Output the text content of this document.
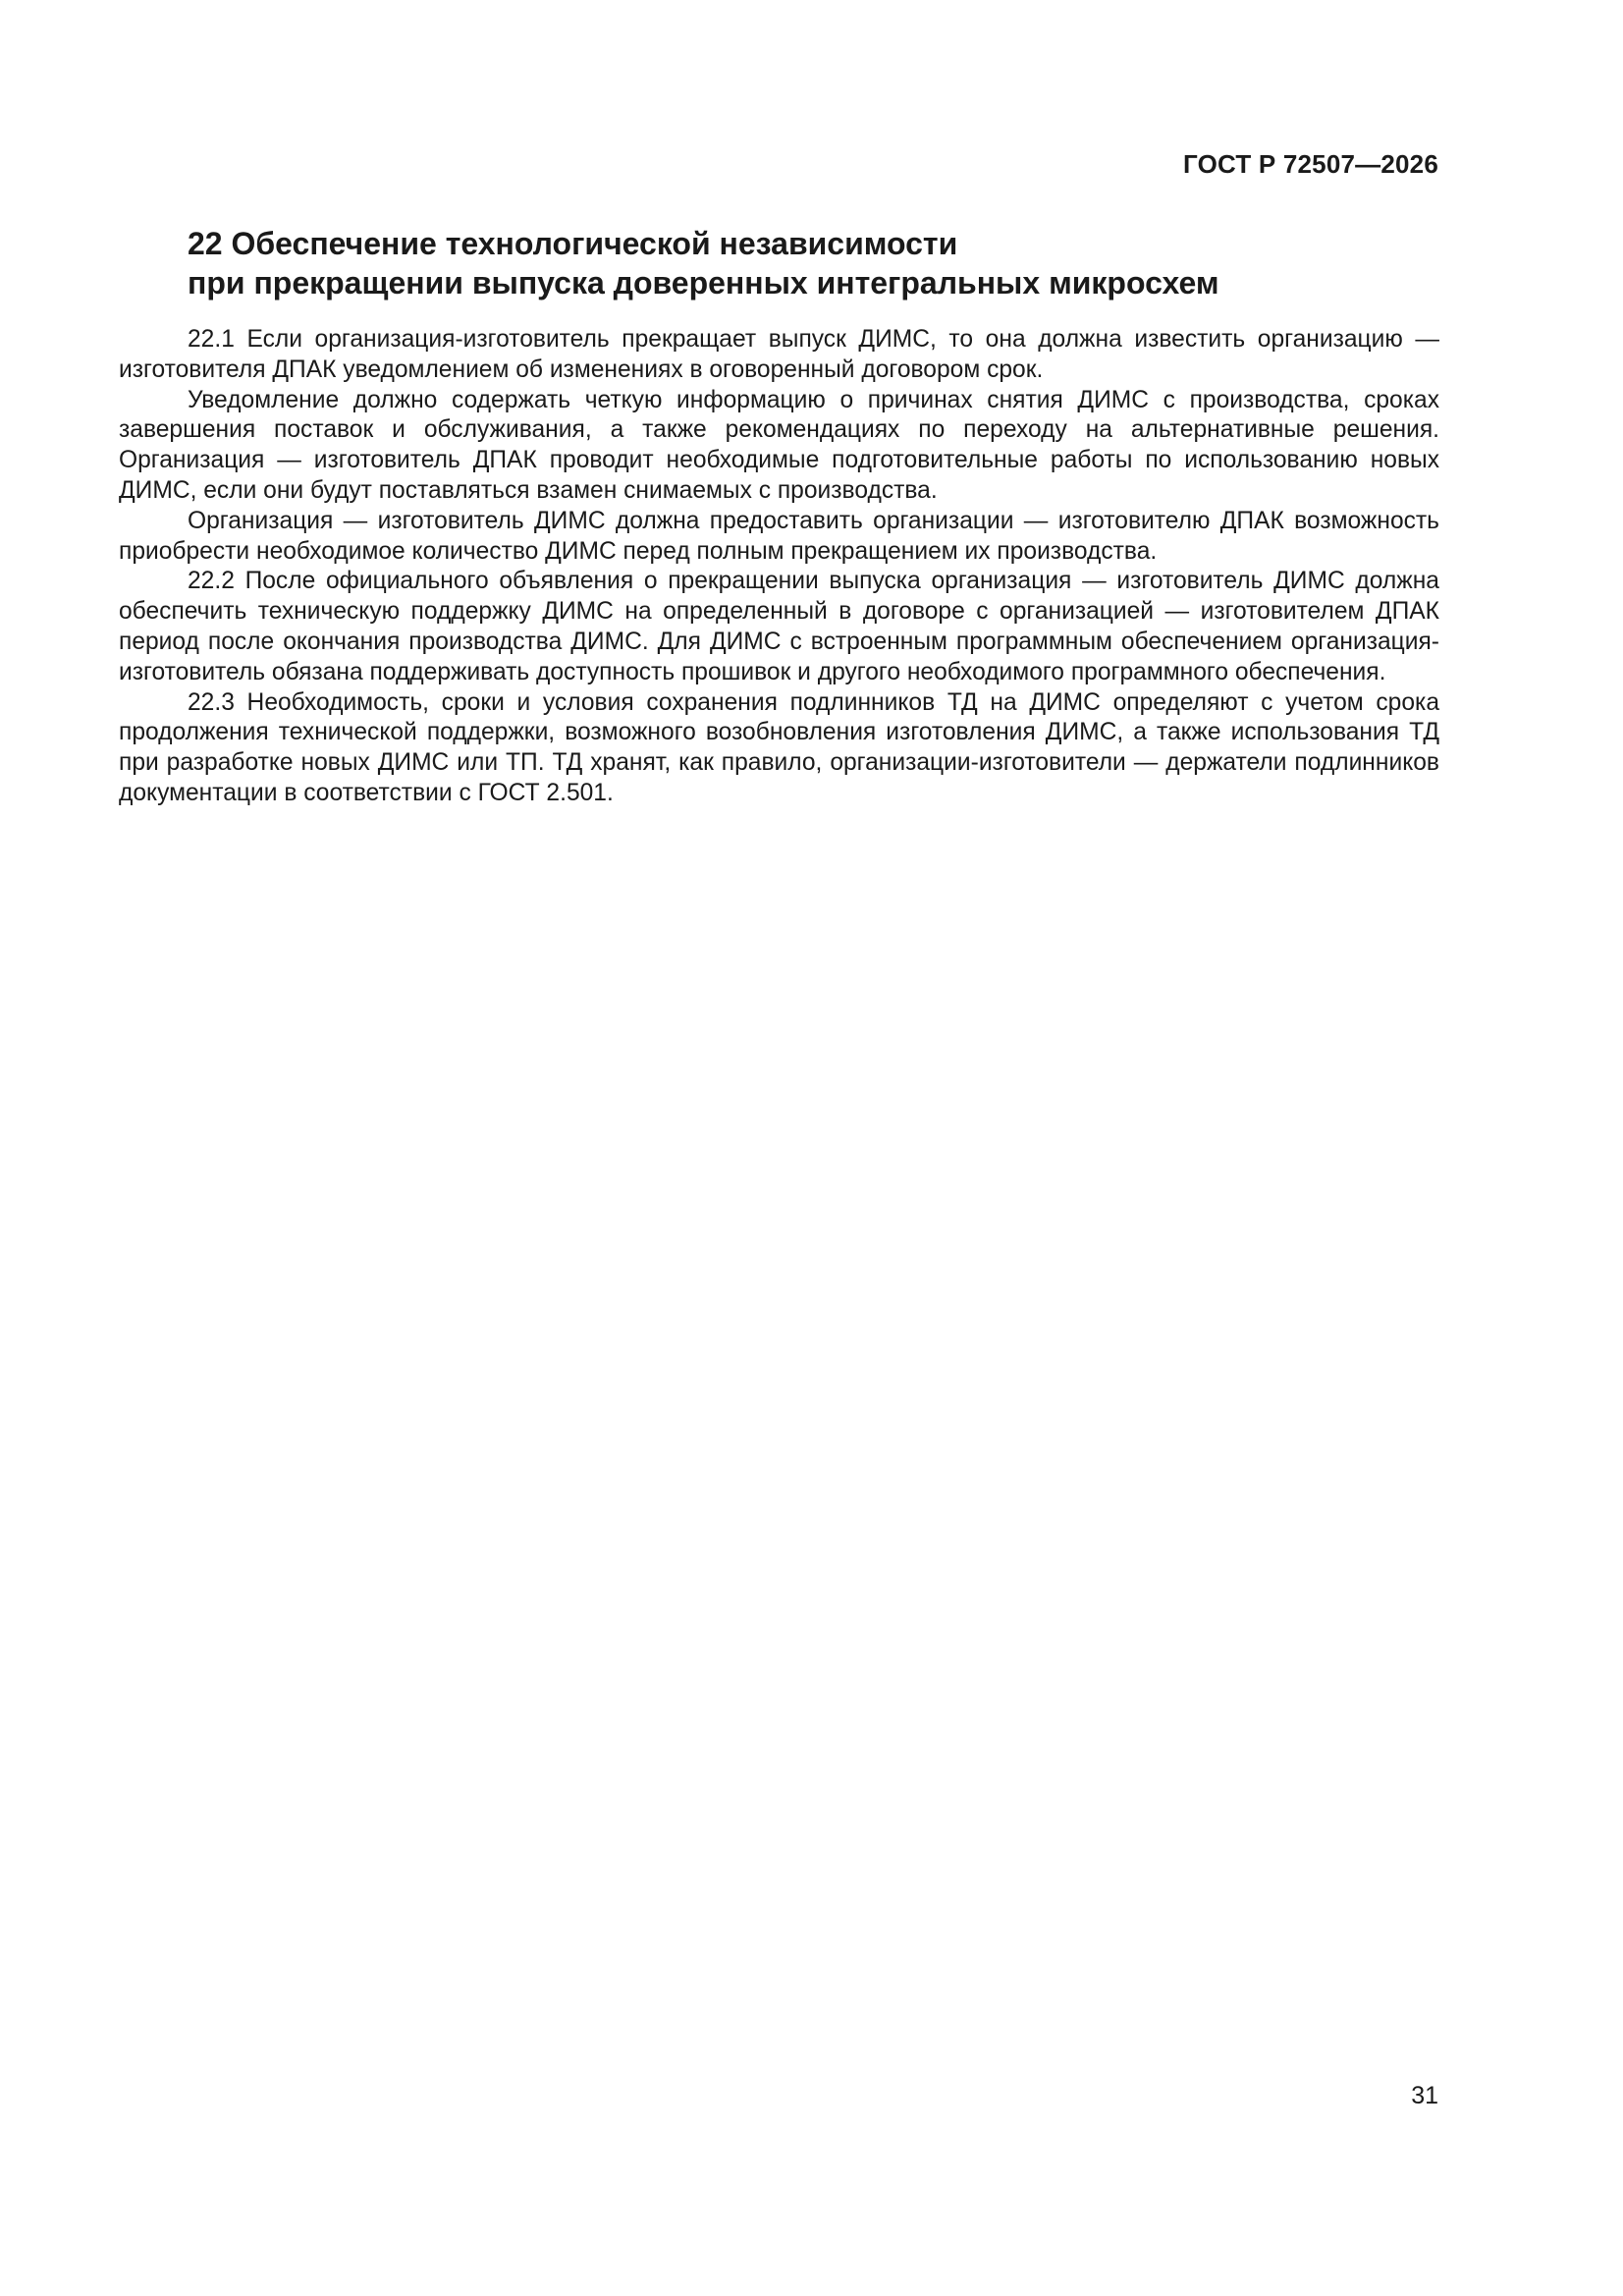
ГОСТ Р 72507—2026
22 Обеспечение технологической независимости
при прекращении выпуска доверенных интегральных микросхем

22.1 Если организация-изготовитель прекращает выпуск ДИМС, то она должна известить организацию — изготовителя ДПАК уведомлением об изменениях в оговоренный договором срок.

Уведомление должно содержать четкую информацию о причинах снятия ДИМС с производства, сроках завершения поставок и обслуживания, а также рекомендациях по переходу на альтернативные решения. Организация — изготовитель ДПАК проводит необходимые подготовительные работы по использованию новых ДИМС, если они будут поставляться взамен снимаемых с производства.

Организация — изготовитель ДИМС должна предоставить организации — изготовителю ДПАК возможность приобрести необходимое количество ДИМС перед полным прекращением их производства.

22.2 После официального объявления о прекращении выпуска организация — изготовитель ДИМС должна обеспечить техническую поддержку ДИМС на определенный в договоре с организацией — изготовителем ДПАК период после окончания производства ДИМС. Для ДИМС с встроенным программным обеспечением организация-изготовитель обязана поддерживать доступность прошивок и другого необходимого программного обеспечения.

22.3 Необходимость, сроки и условия сохранения подлинников ТД на ДИМС определяют с учетом срока продолжения технической поддержки, возможного возобновления изготовления ДИМС, а также использования ТД при разработке новых ДИМС или ТП. ТД хранят, как правило, организации-изготовители — держатели подлинников документации в соответствии с ГОСТ 2.501.

31
